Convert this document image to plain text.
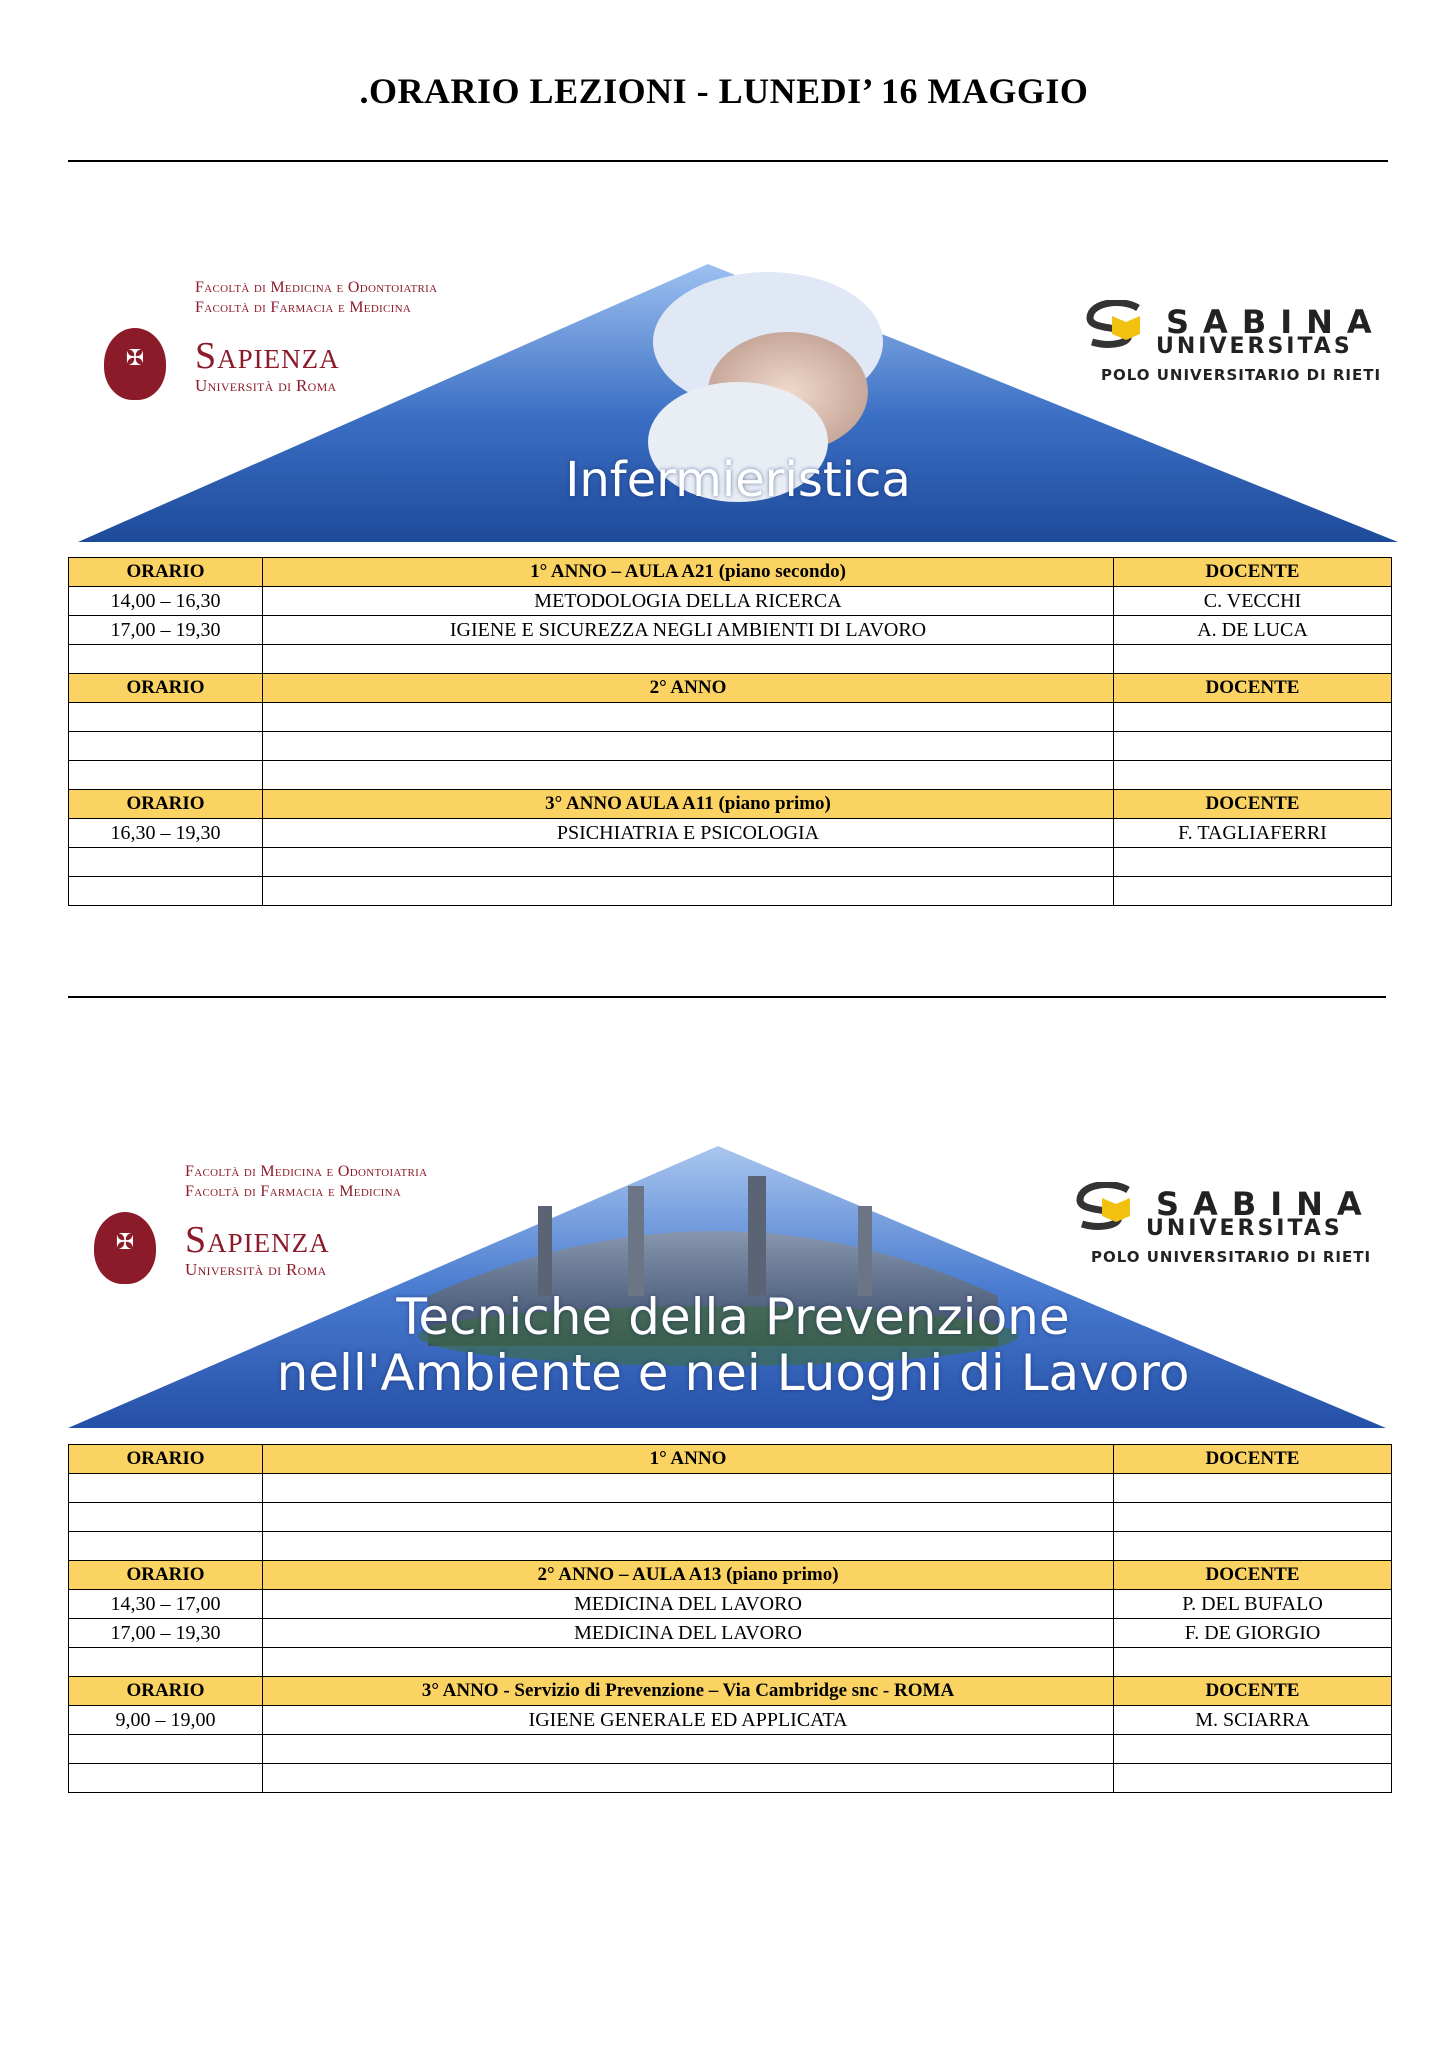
.ORARIO LEZIONI - LUNEDI’ 16 MAGGIO
Facoltà di Medicina e Odontoiatria
Facoltà di Farmacia e Medicina
✠	Sapienza
Università di Roma
SABINA
UNIVERSITAS
POLO UNIVERSITARIO DI RIETI
Infermieristica
ORARIO	1° ANNO – AULA A21 (piano secondo)	DOCENTE
14,00 – 16,30	METODOLOGIA DELLA RICERCA	C. VECCHI
17,00 – 19,30	IGIENE E SICUREZZA NEGLI AMBIENTI DI LAVORO	A. DE LUCA

ORARIO	2° ANNO	DOCENTE

ORARIO	3° ANNO AULA A11 (piano primo)	DOCENTE
16,30 – 19,30	PSICHIATRIA E PSICOLOGIA	F. TAGLIAFERRI

Facoltà di Medicina e Odontoiatria
Facoltà di Farmacia e Medicina
✠	Sapienza
Università di Roma
SABINA
UNIVERSITAS
POLO UNIVERSITARIO DI RIETI
Tecniche della Prevenzione
nell'Ambiente e nei Luoghi di Lavoro
ORARIO	1° ANNO	DOCENTE

ORARIO	2° ANNO – AULA A13 (piano primo)	DOCENTE
14,30 – 17,00	MEDICINA DEL LAVORO	P. DEL BUFALO
17,00 – 19,30	MEDICINA DEL LAVORO	F. DE GIORGIO

ORARIO	3° ANNO - Servizio di Prevenzione – Via Cambridge snc - ROMA	DOCENTE
9,00 – 19,00	IGIENE GENERALE ED APPLICATA	M. SCIARRA
